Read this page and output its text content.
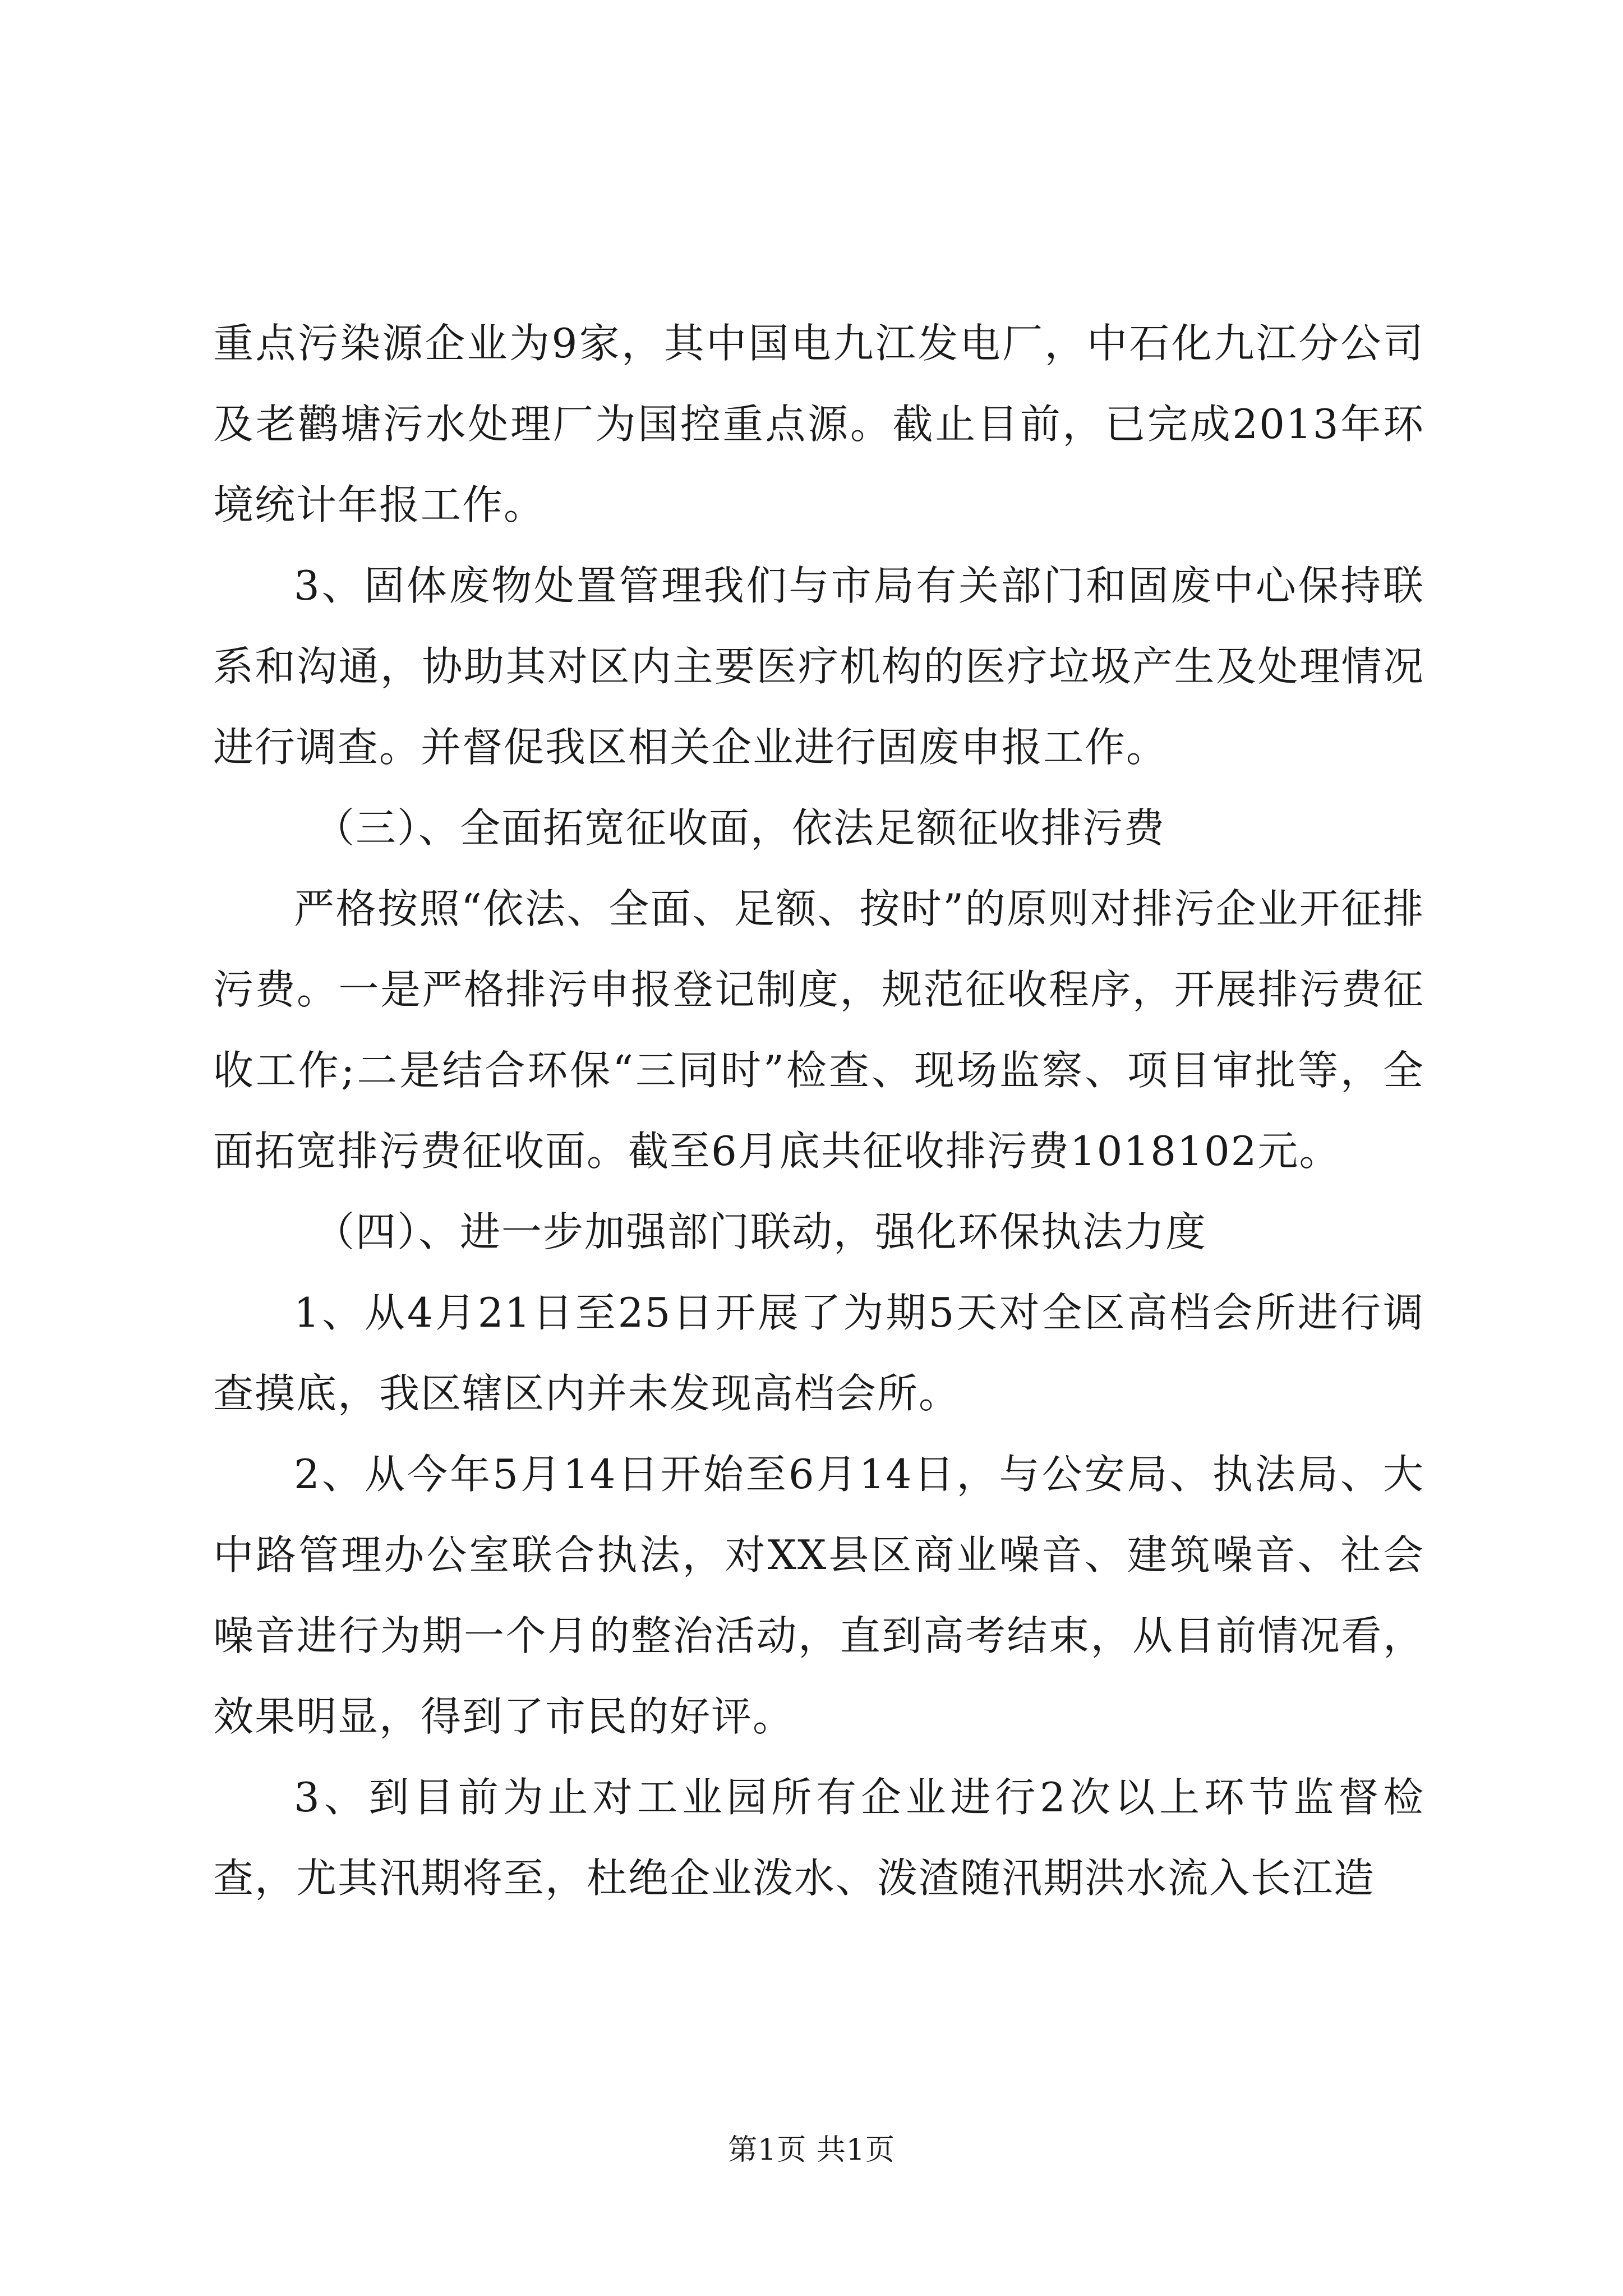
重点污染源企业为9家，其中国电九江发电厂，中石化九江分公司及老鹳塘污水处理厂为国控重点源。截止目前，已完成2013年环境统计年报工作。

3、固体废物处置管理我们与市局有关部门和固废中心保持联系和沟通，协助其对区内主要医疗机构的医疗垃圾产生及处理情况进行调查。并督促我区相关企业进行固废申报工作。

（三）、全面拓宽征收面，依法足额征收排污费

严格按照“依法、全面、足额、按时”的原则对排污企业开征排污费。一是严格排污申报登记制度，规范征收程序，开展排污费征收工作;二是结合环保“三同时”检查、现场监察、项目审批等，全面拓宽排污费征收面。截至6月底共征收排污费1018102元。

（四）、进一步加强部门联动，强化环保执法力度

1、从4月21日至25日开展了为期5天对全区高档会所进行调查摸底，我区辖区内并未发现高档会所。

2、从今年5月14日开始至6月14日，与公安局、执法局、大中路管理办公室联合执法，对XX县区商业噪音、建筑噪音、社会噪音进行为期一个月的整治活动，直到高考结束，从目前情况看，效果明显，得到了市民的好评。

3、到目前为止对工业园所有企业进行2次以上环节监督检查，尤其汛期将至，杜绝企业泼水、泼渣随汛期洪水流入长江造

第1页 共1页
